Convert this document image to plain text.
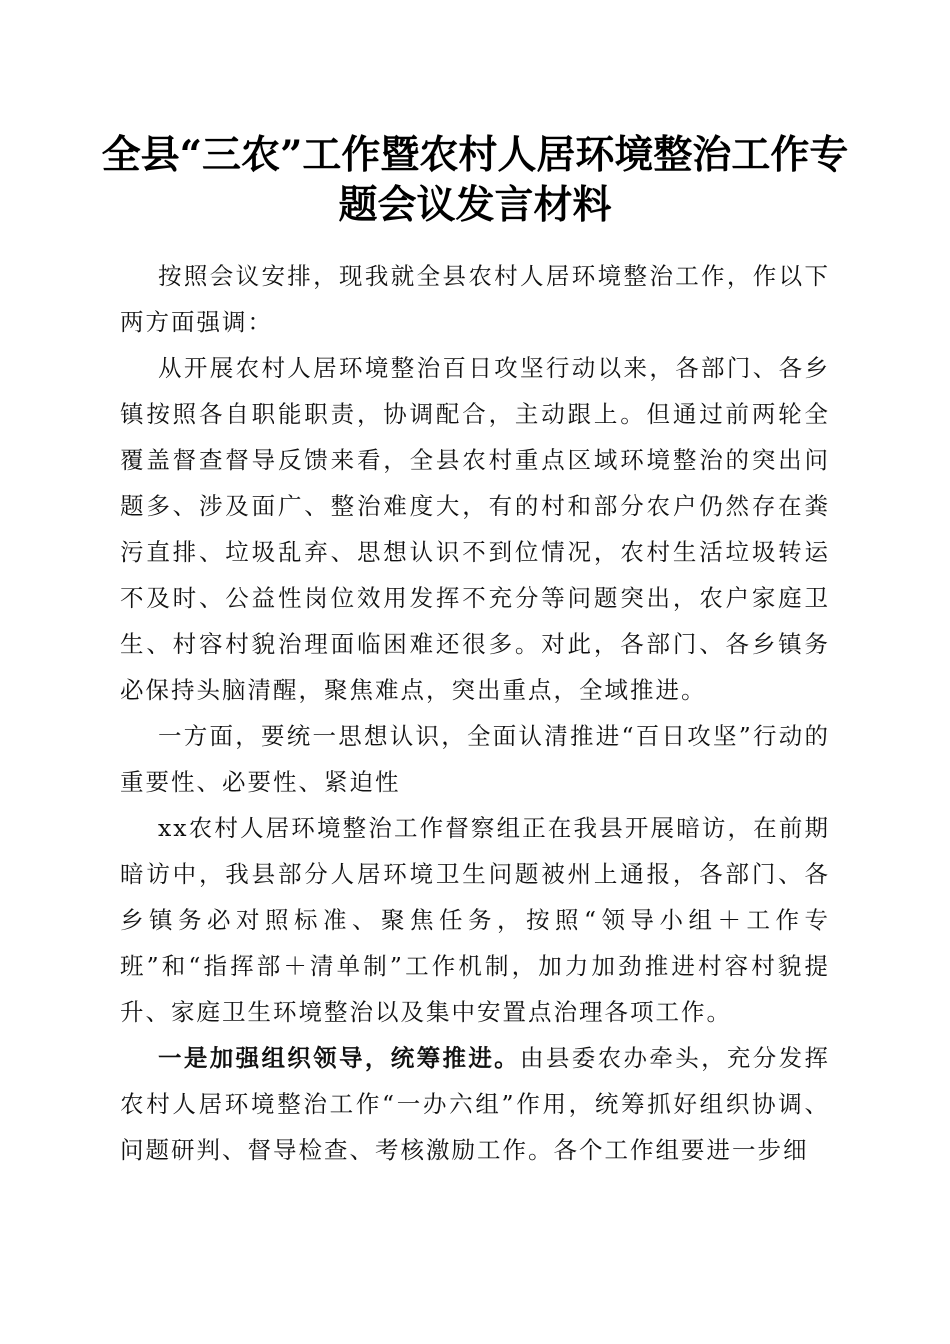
全县“三农”工作暨农村人居环境整治工作专
题会议发言材料

按照会议安排，现我就全县农村人居环境整治工作，作以下两方面强调：

从开展农村人居环境整治百日攻坚行动以来，各部门、各乡镇按照各自职能职责，协调配合，主动跟上。但通过前两轮全覆盖督查督导反馈来看，全县农村重点区域环境整治的突出问题多、涉及面广、整治难度大，有的村和部分农户仍然存在粪污直排、垃圾乱弃、思想认识不到位情况，农村生活垃圾转运不及时、公益性岗位效用发挥不充分等问题突出，农户家庭卫生、村容村貌治理面临困难还很多。对此，各部门、各乡镇务必保持头脑清醒，聚焦难点，突出重点，全域推进。

一方面，要统一思想认识，全面认清推进“百日攻坚”行动的重要性、必要性、紧迫性

xx农村人居环境整治工作督察组正在我县开展暗访，在前期暗访中，我县部分人居环境卫生问题被州上通报，各部门、各乡镇务必对照标准、聚焦任务，按照“领导小组＋工作专班”和“指挥部＋清单制”工作机制，加力加劲推进村容村貌提升、家庭卫生环境整治以及集中安置点治理各项工作。

一是加强组织领导，统筹推进。由县委农办牵头，充分发挥农村人居环境整治工作“一办六组”作用，统筹抓好组织协调、问题研判、督导检查、考核激励工作。各个工作组要进一步细
